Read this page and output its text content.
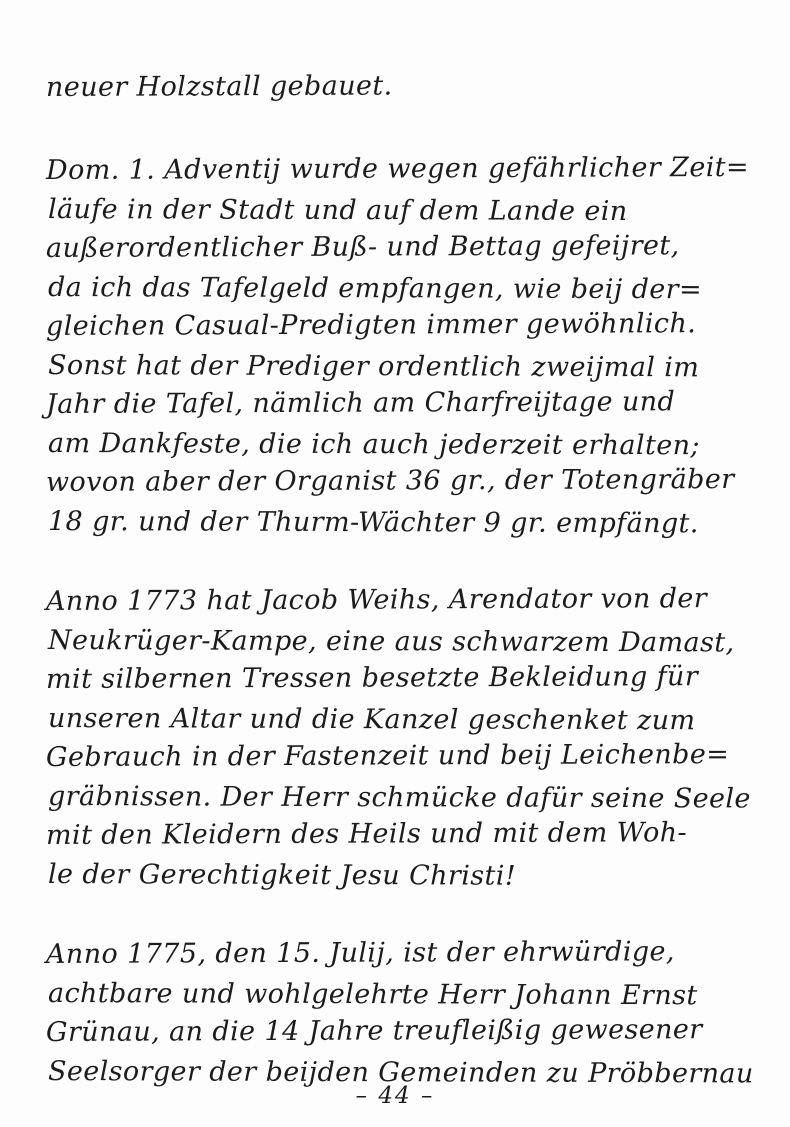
neuer Holzstall gebauet.
Dom. 1. Adventij wurde wegen gefährlicher Zeit=
läufe in der Stadt und auf dem Lande ein
außerordentlicher Buß- und Bettag gefeijret,
da ich das Tafelgeld empfangen, wie beij der=
gleichen Casual-Predigten immer gewöhnlich.
Sonst hat der Prediger ordentlich zweijmal im
Jahr die Tafel, nämlich am Charfreijtage und
am Dankfeste, die ich auch jederzeit erhalten;
wovon aber der Organist 36 gr., der Totengräber
18 gr. und der Thurm-Wächter 9 gr. empfängt.
Anno 1773 hat Jacob Weihs, Arendator von der
Neukrüger-Kampe, eine aus schwarzem Damast,
mit silbernen Tressen besetzte Bekleidung für
unseren Altar und die Kanzel geschenket zum
Gebrauch in der Fastenzeit und beij Leichenbe=
gräbnissen. Der Herr schmücke dafür seine Seele
mit den Kleidern des Heils und mit dem Woh-
le der Gerechtigkeit Jesu Christi!
Anno 1775, den 15. Julij, ist der ehrwürdige,
achtbare und wohlgelehrte Herr Johann Ernst
Grünau, an die 14 Jahre treufleißig gewesener
Seelsorger der beijden Gemeinden zu Pröbbernau
– 44 –
